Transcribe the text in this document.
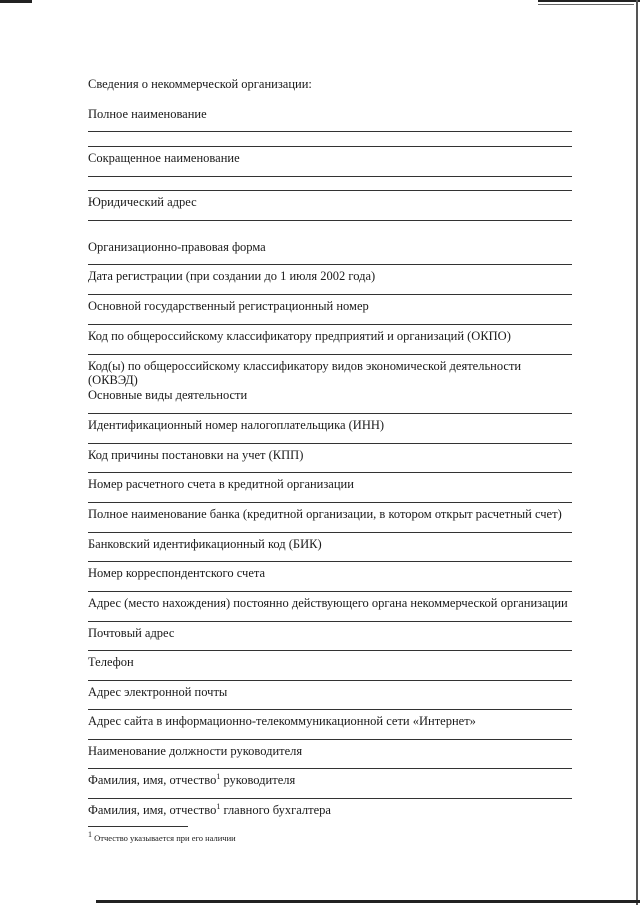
Сведения о некоммерческой организации:
Полное наименование
Сокращенное наименование
Юридический адрес
Организационно-правовая форма
Дата регистрации (при создании до 1 июля 2002 года)
Основной государственный регистрационный номер
Код по общероссийскому классификатору предприятий и организаций (ОКПО)
Код(ы) по общероссийскому классификатору видов экономической деятельности
(ОКВЭД)
Основные виды деятельности
Идентификационный номер налогоплательщика (ИНН)
Код причины постановки на учет (КПП)
Номер расчетного счета в кредитной организации
Полное наименование банка (кредитной организации, в котором открыт расчетный счет)
Банковский идентификационный код (БИК)
Номер корреспондентского счета
Адрес (место нахождения) постоянно действующего органа некоммерческой организации
Почтовый адрес
Телефон
Адрес электронной почты
Адрес сайта в информационно-телекоммуникационной сети «Интернет»
Наименование должности руководителя
Фамилия, имя, отчество$^1$ руководителя
Фамилия, имя, отчество$^1$ главного бухгалтера
$^1$ Отчество указывается при его наличии
